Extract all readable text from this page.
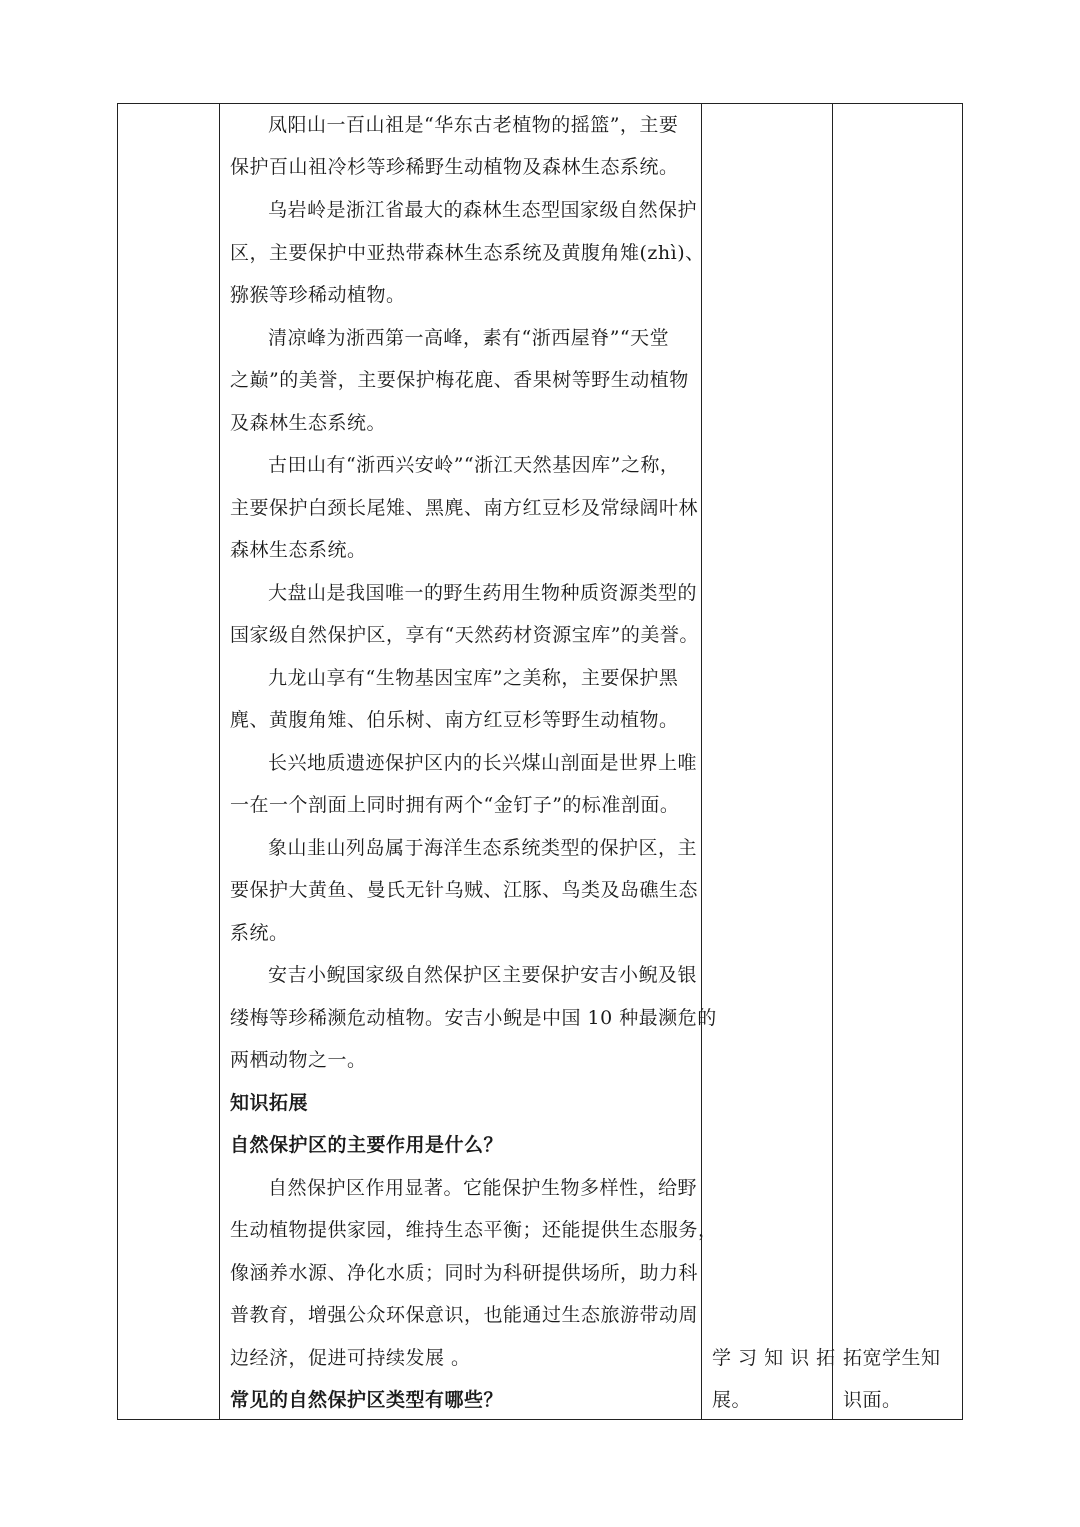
凤阳山一百山祖是“华东古老植物的摇篮”，主要
保护百山祖冷杉等珍稀野生动植物及森林生态系统。
乌岩岭是浙江省最大的森林生态型国家级自然保护
区，主要保护中亚热带森林生态系统及黄腹角雉(zhì)、
猕猴等珍稀动植物。
清凉峰为浙西第一高峰，素有“浙西屋脊”“天堂
之巅”的美誉，主要保护梅花鹿、香果树等野生动植物
及森林生态系统。
古田山有“浙西兴安岭”“浙江天然基因库”之称，
主要保护白颈长尾雉、黑麂、南方红豆杉及常绿阔叶林
森林生态系统。
大盘山是我国唯一的野生药用生物种质资源类型的
国家级自然保护区，享有“天然药材资源宝库”的美誉。
九龙山享有“生物基因宝库”之美称，主要保护黑
麂、黄腹角雉、伯乐树、南方红豆杉等野生动植物。
长兴地质遗迹保护区内的长兴煤山剖面是世界上唯
一在一个剖面上同时拥有两个“金钉子”的标准剖面。
象山韭山列岛属于海洋生态系统类型的保护区，主
要保护大黄鱼、曼氏无针乌贼、江豚、鸟类及岛礁生态
系统。
安吉小鲵国家级自然保护区主要保护安吉小鲵及银
缕梅等珍稀濒危动植物。安吉小鲵是中国 10 种最濒危的
两栖动物之一。
知识拓展
自然保护区的主要作用是什么？
自然保护区作用显著。它能保护生物多样性，给野
生动植物提供家园，维持生态平衡；还能提供生态服务，
像涵养水源、净化水质；同时为科研提供场所，助力科
普教育，增强公众环保意识，也能通过生态旅游带动周
边经济，促进可持续发展 。
常见的自然保护区类型有哪些？
学 习 知 识 拓
展。
拓宽学生知
识面。
